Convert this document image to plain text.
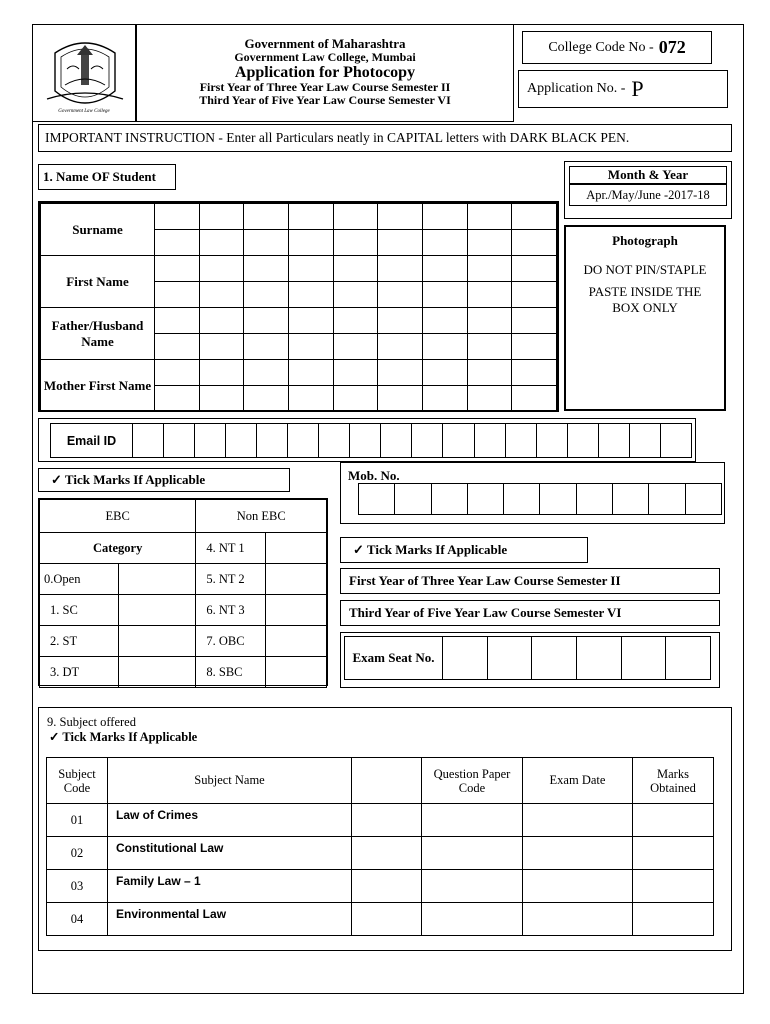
Government Law College
Government of Maharashtra
Government Law College, Mumbai
Application for Photocopy
First Year of Three Year Law Course Semester II
Third Year of Five Year Law Course Semester VI
College Code No - 072
Application No. - P
IMPORTANT INSTRUCTION - Enter all Particulars neatly in CAPITAL letters with DARK BLACK PEN.
1. Name OF Student	Month & Year
Apr./May/June -2017-18
Surname									

First Name									

Father/Husband Name									

Mother First Name									

Photograph
DO NOT PIN/STAPLE
PASTE INSIDE THE BOX ONLY
Email ID																		
✓ Tick Marks If Applicable
EBC		Non EBC	
Category		4. NT 1	
0.Open		5. NT 2	
1. SC		6. NT 3	
2. ST		7. OBC	
3. DT		8. SBC	
Mob. No.

✓ Tick Marks If Applicable
First Year of Three Year Law Course Semester II
Third Year of Five Year Law Course Semester VI
Exam Seat No.						
9. Subject offered
✓ Tick Marks If Applicable
Subject Code	Subject Name		Question Paper Code	Exam Date	Marks Obtained
01	Law of Crimes				
02	Constitutional Law				
03	Family Law – 1				
04	Environmental Law				
